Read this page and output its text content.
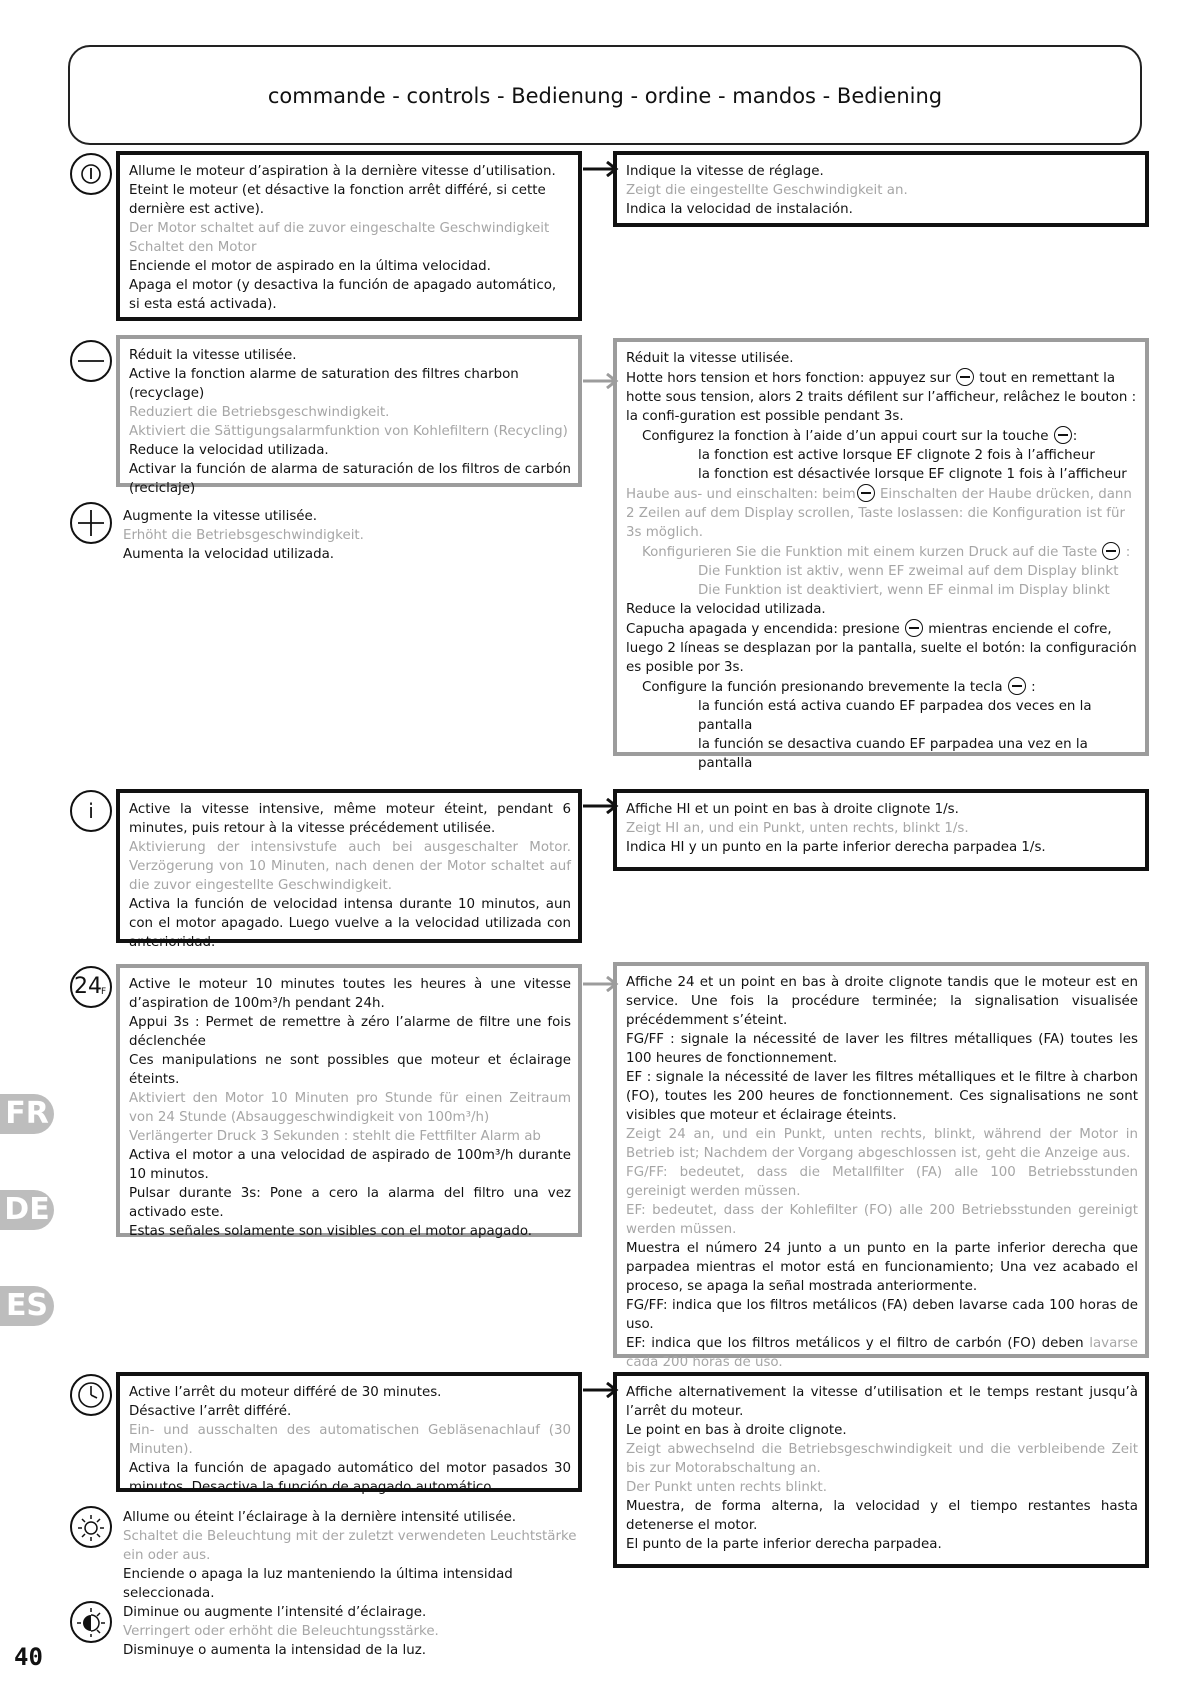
commande - controls - Bedienung - ordine - mandos - Bediening

Allume le moteur d’aspiration à la dernière vitesse d’utilisation.

Eteint le moteur (et désactive la fonction arrêt différé, si cette dernière est active).

Der Motor schaltet auf die zuvor eingeschalte Geschwindigkeit

Schaltet den Motor

Enciende el motor de aspirado en la última velocidad.

Apaga el motor (y desactiva la función de apagado automático, si esta está activada).

Indique la vitesse de réglage.

Zeigt die eingestellte Geschwindigkeit an.

Indica la velocidad de instalación.

Réduit la vitesse utilisée.

Active la fonction alarme de saturation des filtres charbon (recyclage)

Reduziert die Betriebsgeschwindigkeit.

Aktiviert die Sättigungsalarmfunktion von Kohlefiltern (Recycling)

Reduce la velocidad utilizada.

Activar la función de alarma de saturación de los filtros de carbón (reciclaje)

Réduit la vitesse utilisée.

Hotte hors tension et hors fonction: appuyez sur tout en remettant la hotte sous tension, alors 2 traits défilent sur l’afficheur, relâchez le bouton : la confi-guration est possible pendant 3s.

Configurez la fonction à l’aide d’un appui court sur la touche :

la fonction est active lorsque EF clignote 2 fois à l’afficheur

la fonction est désactivée lorsque EF clignote 1 fois à l’afficheur

Haube aus- und einschalten: beim Einschalten der Haube drücken, dann 2 Zeilen auf dem Display scrollen, Taste loslassen: die Konfiguration ist für 3s möglich.

Konfigurieren Sie die Funktion mit einem kurzen Druck auf die Taste :

Die Funktion ist aktiv, wenn EF zweimal auf dem Display blinkt

Die Funktion ist deaktiviert, wenn EF einmal im Display blinkt

Reduce la velocidad utilizada.

Capucha apagada y encendida: presione mientras enciende el cofre, luego 2 líneas se desplazan por la pantalla, suelte el botón: la configuración es posible por 3s.

Configure la función presionando brevemente la tecla :

la función está activa cuando EF parpadea dos veces en la pantalla

la función se desactiva cuando EF parpadea una vez en la pantalla

Augmente la vitesse utilisée.

Erhöht die Betriebsgeschwindigkeit.

Aumenta la velocidad utilizada.

i	Active la vitesse intensive, même moteur éteint, pendant 6 minutes, puis retour à la vitesse précédement utilisée.

Aktivierung der intensivstufe auch bei ausgeschalter Motor. Verzögerung von 10 Minuten, nach denen der Motor schaltet auf die zuvor eingestellte Geschwindigkeit.

Activa la función de velocidad intensa durante 10 minutos, aun con el motor apagado. Luego vuelve a la velocidad utilizada con anterioridad.

Affiche HI et un point en bas à droite clignote 1/s.

Zeigt HI an, und ein Punkt, unten rechts, blinkt 1/s.

Indica HI y un punto en la parte inferior derecha parpadea 1/s.

24 F Active le moteur 10 minutes toutes les heures à une vitesse d’aspiration de 100m³/h pendant 24h.

Appui 3s : Permet de remettre à zéro l’alarme de filtre une fois déclenchée

Ces manipulations ne sont possibles que moteur et éclairage éteints.

Aktiviert den Motor 10 Minuten pro Stunde für einen Zeitraum von 24 Stunde (Absauggeschwindigkeit von 100m³/h)

Verlängerter Druck 3 Sekunden : stehlt die Fettfilter Alarm ab

Activa el motor a una velocidad de aspirado de 100m³/h durante 10 minutos.

Pulsar durante 3s: Pone a cero la alarma del filtro una vez activado este.

Estas señales solamente son visibles con el motor apagado.

Affiche 24 et un point en bas à droite clignote tandis que le moteur est en service. Une fois la procédure terminée; la signalisation visualisée précédemment s’éteint.

FG/FF : signale la nécessité de laver les filtres métalliques (FA) toutes les 100 heures de fonctionnement.

EF : signale la nécessité de laver les filtres métalliques et le filtre à charbon (FO), toutes les 200 heures de fonctionnement. Ces signalisations ne sont visibles que moteur et éclairage éteints.

Zeigt 24 an, und ein Punkt, unten rechts, blinkt, während der Motor in Betrieb ist; Nachdem der Vorgang abgeschlossen ist, geht die Anzeige aus.

FG/FF: bedeutet, dass die Metallfilter (FA) alle 100 Betriebsstunden gereinigt werden müssen.

EF: bedeutet, dass der Kohlefilter (FO) alle 200 Betriebsstunden gereinigt werden müssen.

Muestra el número 24 junto a un punto en la parte inferior derecha que parpadea mientras el motor está en funcionamiento; Una vez acabado el proceso, se apaga la señal mostrada anteriormente.

FG/FF: indica que los filtros metálicos (FA) deben lavarse cada 100 horas de uso.

EF: indica que los filtros metálicos y el filtro de carbón (FO) deben lavarse cada 200 horas de uso.

Active l’arrêt du moteur différé de 30 minutes.

Désactive l’arrêt différé.

Ein- und ausschalten des automatischen Gebläsenachlauf (30 Minuten).

Activa la función de apagado automático del motor pasados 30 minutos. Desactiva la función de apagado automático.

Affiche alternativement la vitesse d’utilisation et le temps restant jusqu’à l’arrêt du moteur.

Le point en bas à droite clignote.

Zeigt abwechselnd die Betriebsgeschwindigkeit und die verbleibende Zeit bis zur Motorabschaltung an.

Der Punkt unten rechts blinkt.

Muestra, de forma alterna, la velocidad y el tiempo restantes hasta detenerse el motor.

El punto de la parte inferior derecha parpadea.

Allume ou éteint l’éclairage à la dernière intensité utilisée.

Schaltet die Beleuchtung mit der zuletzt verwendeten Leuchtstärke ein oder aus.

Enciende o apaga la luz manteniendo la última intensidad seleccionada.

Diminue ou augmente l’intensité d’éclairage.

Verringert oder erhöht die Beleuchtungsstärke.

Disminuye o aumenta la intensidad de la luz.

FR
DE
ES
40
